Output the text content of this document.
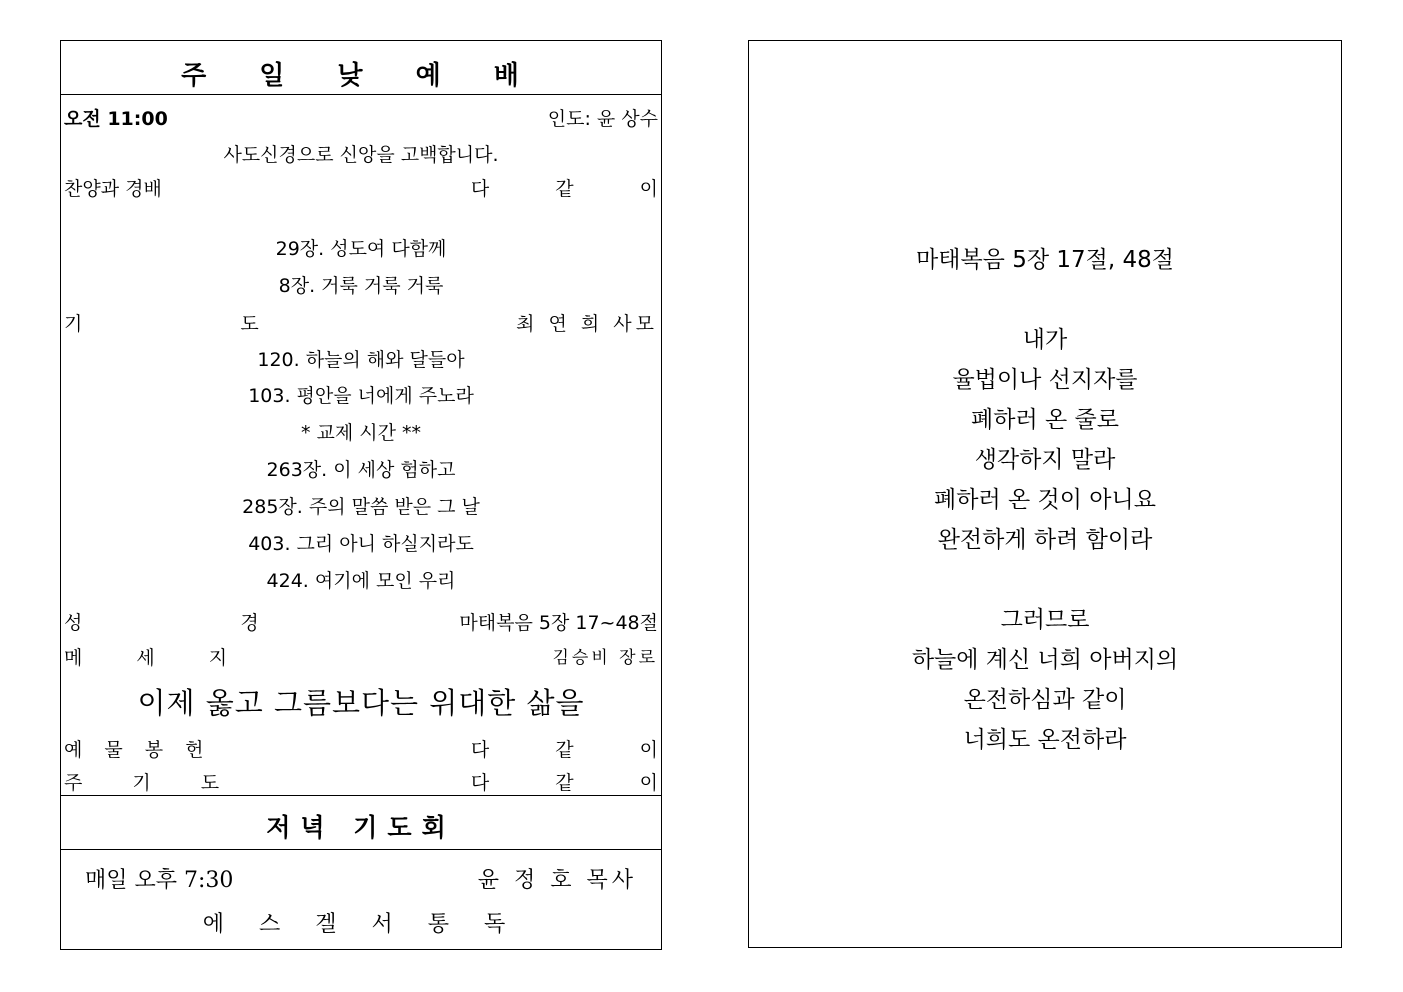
주 일 낮 예 배
오전 11:00	인도: 윤 상수
사도신경으로 신앙을 고백합니다.
찬양과 경배	다 같 이
29장. 성도여 다함께
8장. 거룩 거룩 거룩
기 도	최 연 희 사모
120. 하늘의 해와 달들아
103. 평안을 너에게 주노라
* 교제 시간 **
263장. 이 세상 험하고
285장. 주의 말씀 받은 그 날
403. 그리 아니 하실지라도
424. 여기에 모인 우리
성 경	마태복음 5장 17~48절
메 세 지	김승비 장로
이제 옳고 그름보다는 위대한 삶을
예 물 봉 헌	다 같 이
주 기 도	다 같 이
저녁 기도회
매일 오후 7:30	윤 정 호 목사
에 스 겔 서 통 독
마태복음 5장 17절, 48절
내가
율법이나 선지자를
폐하러 온 줄로
생각하지 말라
폐하러 온 것이 아니요
완전하게 하려 함이라
그러므로
하늘에 계신 너희 아버지의
온전하심과 같이
너희도 온전하라
